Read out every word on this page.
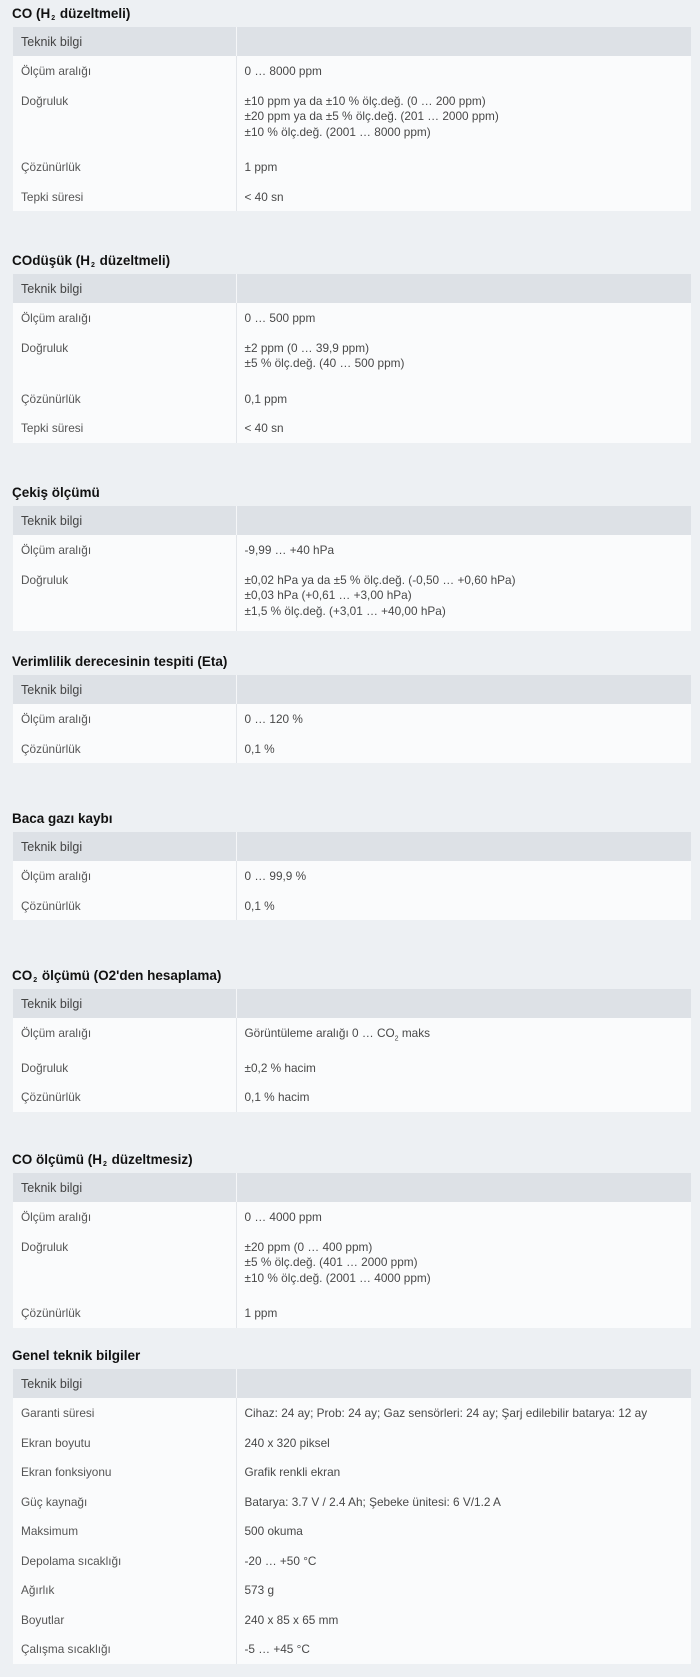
CO ($H_2$ düzeltmeli)
Teknik bilgi	
Ölçüm aralığı	0 … 8000 ppm
Doğruluk	±10 ppm ya da ±10 % ölç.değ. (0 … 200 ppm)
±20 ppm ya da ±5 % ölç.değ. (201 … 2000 ppm)
±10 % ölç.değ. (2001 … 8000 ppm)
Çözünürlük	1 ppm
Tepki süresi	< 40 sn
COdüşük ($H_2$ düzeltmeli)
Teknik bilgi	
Ölçüm aralığı	0 … 500 ppm
Doğruluk	±2 ppm (0 … 39,9 ppm)
±5 % ölç.değ. (40 … 500 ppm)
Çözünürlük	0,1 ppm
Tepki süresi	< 40 sn
Çekiş ölçümü
Teknik bilgi	
Ölçüm aralığı	-9,99 … +40 hPa
Doğruluk	±0,02 hPa ya da ±5 % ölç.değ. (-0,50 … +0,60 hPa)
±0,03 hPa (+0,61 … +3,00 hPa)
±1,5 % ölç.değ. (+3,01 … +40,00 hPa)
Verimlilik derecesinin tespiti (Eta)
Teknik bilgi	
Ölçüm aralığı	0 … 120 %
Çözünürlük	0,1 %
Baca gazı kaybı
Teknik bilgi	
Ölçüm aralığı	0 … 99,9 %
Çözünürlük	0,1 %
$CO_2$ ölçümü (O2'den hesaplama)
Teknik bilgi	
Ölçüm aralığı	Görüntüleme aralığı 0 … $CO_2$ maks
Doğruluk	±0,2 % hacim
Çözünürlük	0,1 % hacim
CO ölçümü ($H_2$ düzeltmesiz)
Teknik bilgi	
Ölçüm aralığı	0 … 4000 ppm
Doğruluk	±20 ppm (0 … 400 ppm)
±5 % ölç.değ. (401 … 2000 ppm)
±10 % ölç.değ. (2001 … 4000 ppm)
Çözünürlük	1 ppm
Genel teknik bilgiler
Teknik bilgi	
Garanti süresi	Cihaz: 24 ay; Prob: 24 ay; Gaz sensörleri: 24 ay; Şarj edilebilir batarya: 12 ay
Ekran boyutu	240 x 320 piksel
Ekran fonksiyonu	Grafik renkli ekran
Güç kaynağı	Batarya: 3.7 V / 2.4 Ah; Şebeke ünitesi: 6 V/1.2 A
Maksimum	500 okuma
Depolama sıcaklığı	-20 … +50 °C
Ağırlık	573 g
Boyutlar	240 x 85 x 65 mm
Çalışma sıcaklığı	-5 … +45 °C
